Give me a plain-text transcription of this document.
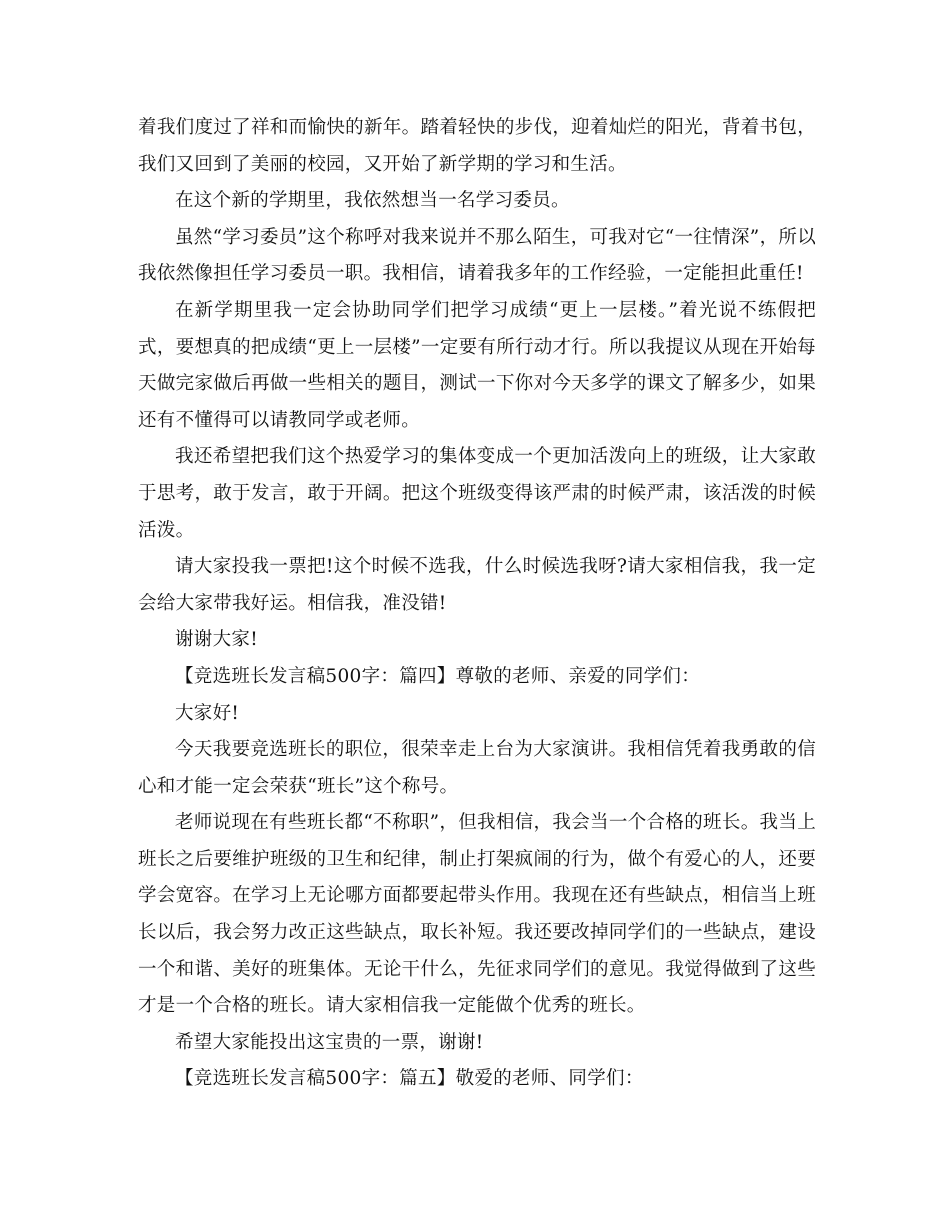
着我们度过了祥和而愉快的新年。踏着轻快的步伐，迎着灿烂的阳光，背着书包，我们又回到了美丽的校园，又开始了新学期的学习和生活。

在这个新的学期里，我依然想当一名学习委员。

虽然“学习委员”这个称呼对我来说并不那么陌生，可我对它“一往情深”，所以我依然像担任学习委员一职。我相信，请着我多年的工作经验，一定能担此重任!

在新学期里我一定会协助同学们把学习成绩“更上一层楼。”着光说不练假把式，要想真的把成绩“更上一层楼”一定要有所行动才行。所以我提议从现在开始每天做完家做后再做一些相关的题目，测试一下你对今天多学的课文了解多少，如果还有不懂得可以请教同学或老师。

我还希望把我们这个热爱学习的集体变成一个更加活泼向上的班级，让大家敢于思考，敢于发言，敢于开阔。把这个班级变得该严肃的时候严肃，该活泼的时候活泼。

请大家投我一票把!这个时候不选我，什么时候选我呀?请大家相信我，我一定会给大家带我好运。相信我，准没错!

谢谢大家!

【竞选班长发言稿500字：篇四】尊敬的老师、亲爱的同学们：

大家好!

今天我要竞选班长的职位，很荣幸走上台为大家演讲。我相信凭着我勇敢的信心和才能一定会荣获“班长”这个称号。

老师说现在有些班长都“不称职”，但我相信，我会当一个合格的班长。我当上班长之后要维护班级的卫生和纪律，制止打架疯闹的行为，做个有爱心的人，还要学会宽容。在学习上无论哪方面都要起带头作用。我现在还有些缺点，相信当上班长以后，我会努力改正这些缺点，取长补短。我还要改掉同学们的一些缺点，建设一个和谐、美好的班集体。无论干什么，先征求同学们的意见。我觉得做到了这些才是一个合格的班长。请大家相信我一定能做个优秀的班长。

希望大家能投出这宝贵的一票，谢谢!

【竞选班长发言稿500字：篇五】敬爱的老师、同学们：
